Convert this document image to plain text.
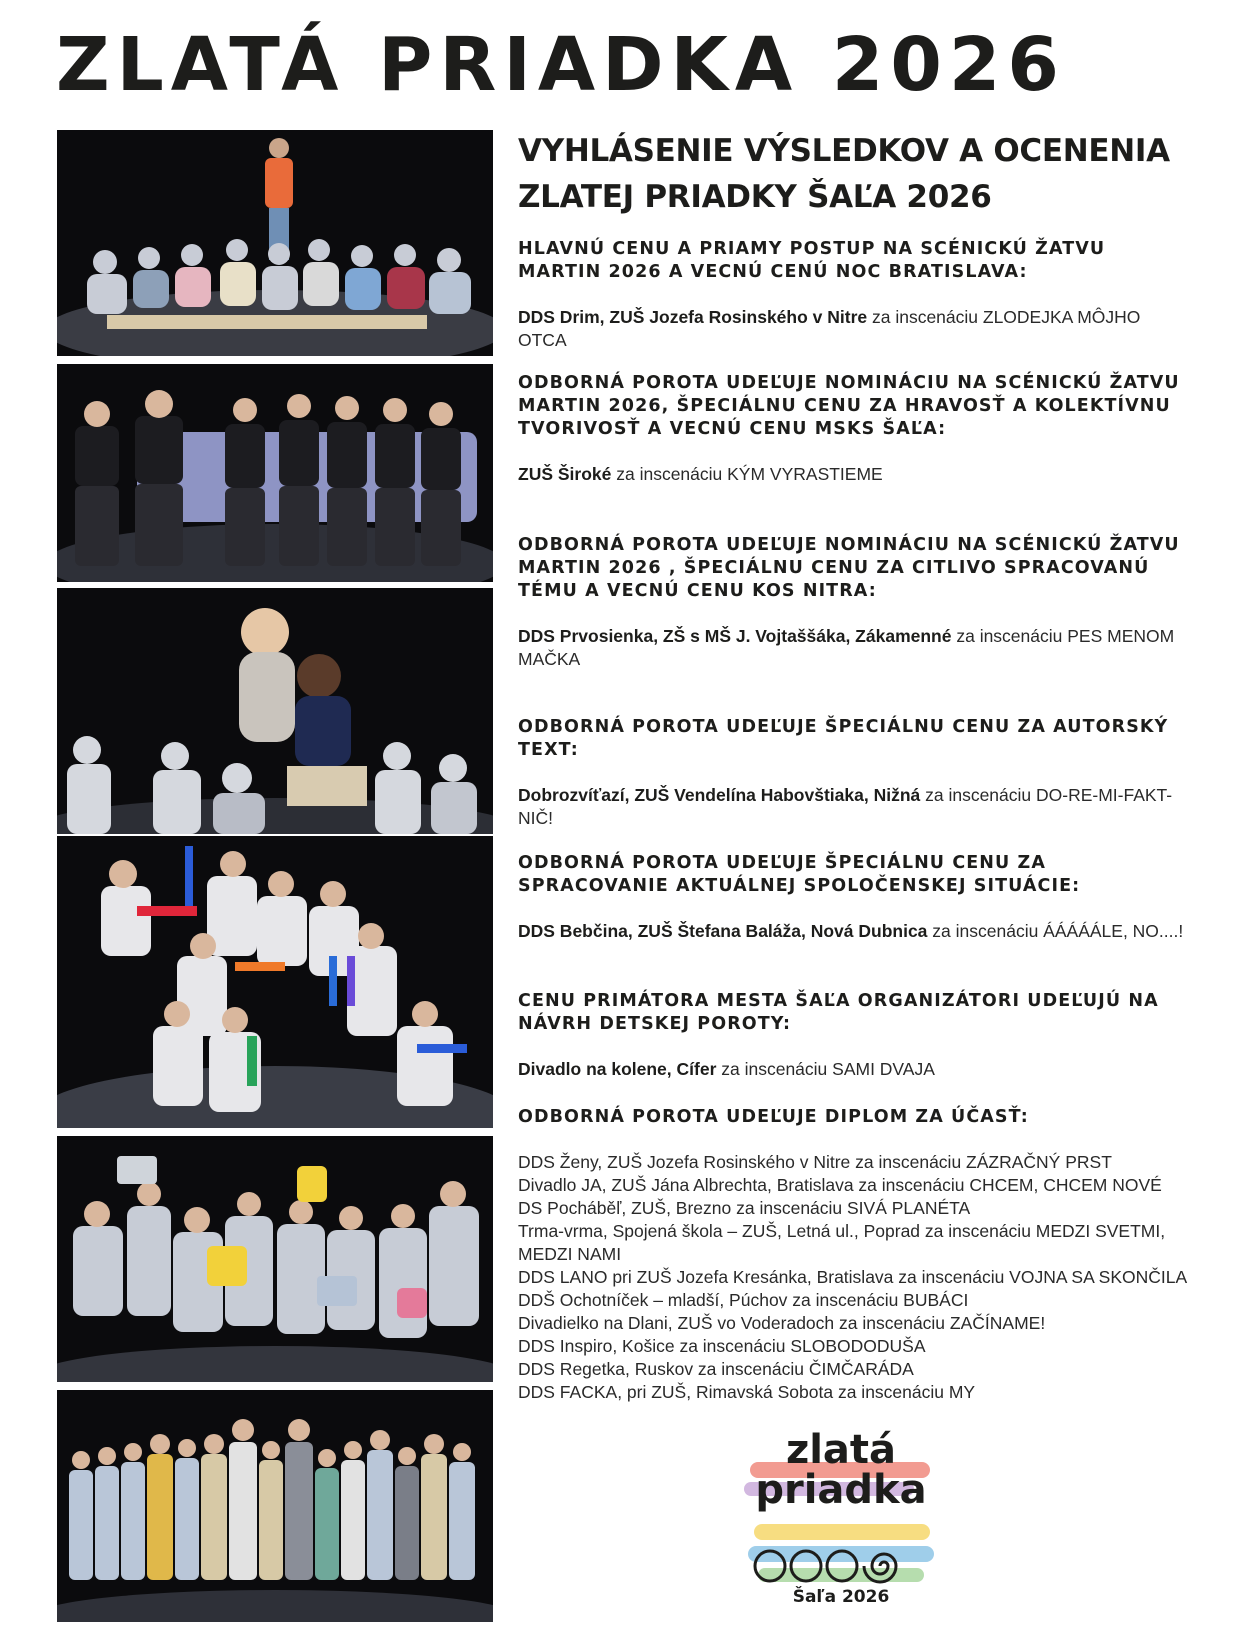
ZLATÁ PRIADKA 2026
VYHLÁSENIE VÝSLEDKOV A OCENENIA
ZLATEJ PRIADKY ŠAĽA 2026

HLAVNÚ CENU A PRIAMY POSTUP NA SCÉNICKÚ ŽATVU MARTIN 2026 A VECNÚ CENÚ NOC BRATISLAVA:

DDS Drim, ZUŠ Jozefa Rosinského v Nitre za inscenáciu ZLODEJKA MÔJHO OTCA

ODBORNÁ POROTA UDEĽUJE NOMINÁCIU NA SCÉNICKÚ ŽATVU MARTIN 2026, ŠPECIÁLNU CENU ZA HRAVOSŤ A KOLEKTÍVNU TVORIVOSŤ A VECNÚ CENU MSKS ŠAĽA:

ZUŠ Široké za inscenáciu KÝM VYRASTIEME

ODBORNÁ POROTA UDEĽUJE NOMINÁCIU NA SCÉNICKÚ ŽATVU MARTIN 2026 , ŠPECIÁLNU CENU ZA CITLIVO SPRACOVANÚ TÉMU A VECNÚ CENU KOS NITRA:

DDS Prvosienka, ZŠ s MŠ J. Vojtaššáka, Zákamenné za inscenáciu PES MENOM MAČKA

ODBORNÁ POROTA UDEĽUJE ŠPECIÁLNU CENU ZA AUTORSKÝ TEXT:

Dobrozvíťazí, ZUŠ Vendelína Habovštiaka, Nižná za inscenáciu DO-RE-MI-FAKT-NIČ!

ODBORNÁ POROTA UDEĽUJE ŠPECIÁLNU CENU ZA SPRACOVANIE AKTUÁLNEJ SPOLOČENSKEJ SITUÁCIE:

DDS Bebčina, ZUŠ Štefana Baláža, Nová Dubnica za inscenáciu ÁÁÁÁÁLE, NO....!

CENU PRIMÁTORA MESTA ŠAĽA ORGANIZÁTORI UDEĽUJÚ NA NÁVRH DETSKEJ POROTY:

Divadlo na kolene, Cífer za inscenáciu SAMI DVAJA

ODBORNÁ POROTA UDEĽUJE DIPLOM ZA ÚČASŤ:

DDS Ženy, ZUŠ Jozefa Rosinského v Nitre za inscenáciu ZÁZRAČNÝ PRST
Divadlo JA, ZUŠ Jána Albrechta, Bratislava za inscenáciu CHCEM, CHCEM NOVÉ
DS Pocháběľ, ZUŠ, Brezno za inscenáciu SIVÁ PLANÉTA
Trma-vrma, Spojená škola – ZUŠ, Letná ul., Poprad za inscenáciu MEDZI SVETMI, MEDZI NAMI
DDS LANO pri ZUŠ Jozefa Kresánka, Bratislava za inscenáciu VOJNA SA SKONČILA
DDŠ Ochotníček – mladší, Púchov za inscenáciu BUBÁCI
Divadielko na Dlani, ZUŠ vo Voderadoch za inscenáciu ZAČÍNAME!
DDS Inspiro, Košice za inscenáciu SLOBODODUŠA
DDS Regetka, Ruskov za inscenáciu ČIMČARÁDA
DDS FACKA, pri ZUŠ, Rimavská Sobota za inscenáciu MY
zlatá
priadka
Šaľa 2026
